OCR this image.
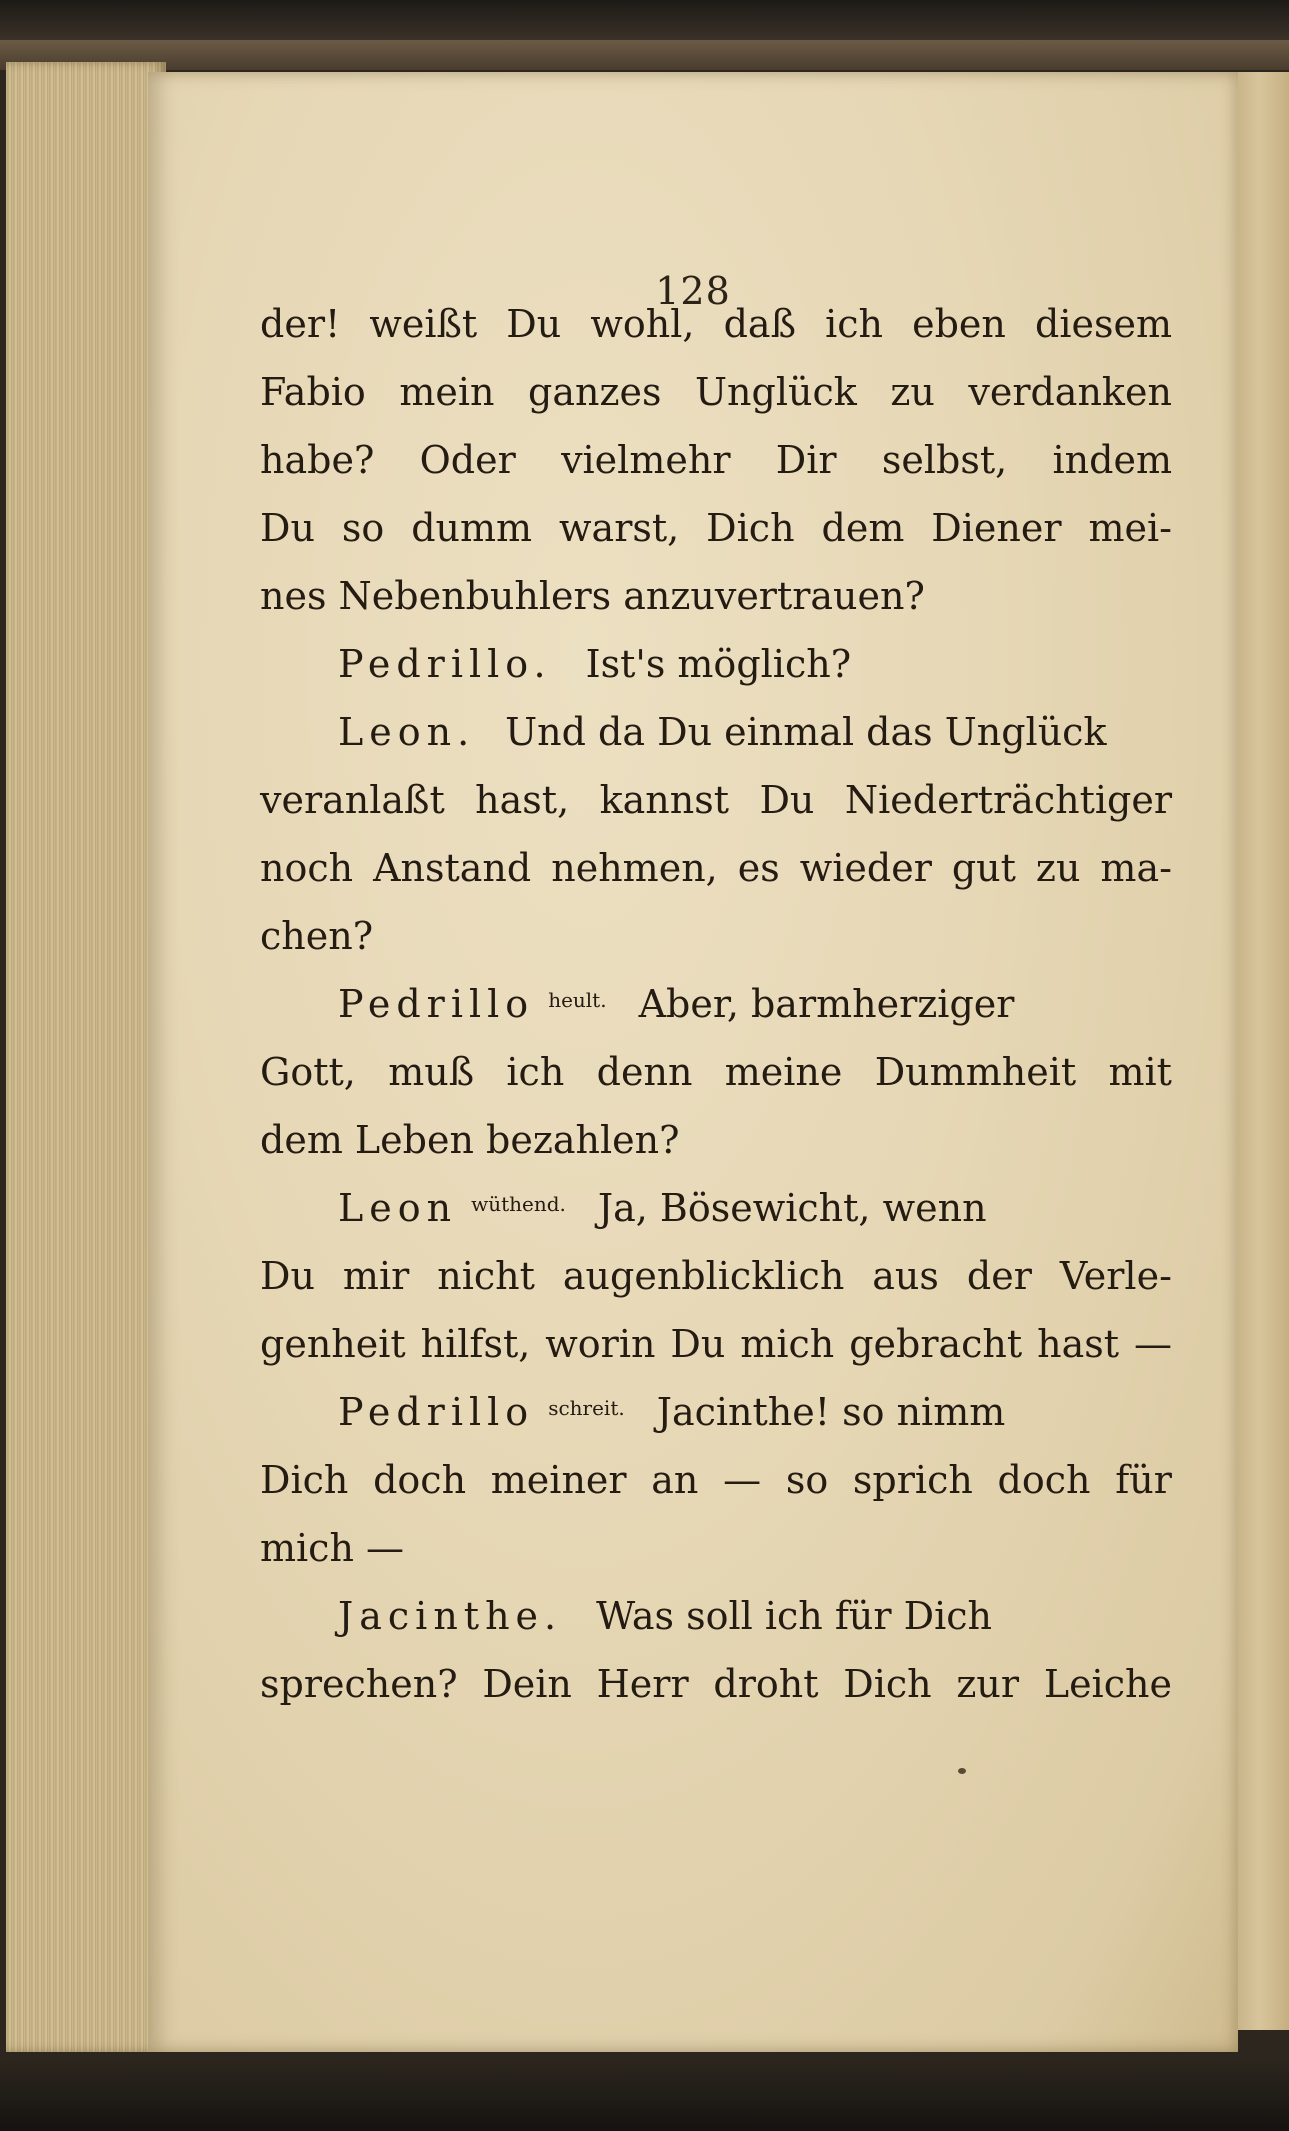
128
der! weißt Du wohl, daß ich eben diesem
Fabio mein ganzes Unglück zu verdanken
habe? Oder vielmehr Dir selbst, indem
Du so dumm warst, Dich dem Diener mei-
nes Nebenbuhlers anzuvertrauen?
Pedrillo. Ist's möglich?
Leon. Und da Du einmal das Unglück
veranlaßt hast, kannst Du Niederträchtiger
noch Anstand nehmen, es wieder gut zu ma-
chen?
Pedrillo heult. Aber, barmherziger
Gott, muß ich denn meine Dummheit mit
dem Leben bezahlen?
Leon wüthend. Ja, Bösewicht, wenn
Du mir nicht augenblicklich aus der Verle-
genheit hilfst, worin Du mich gebracht hast —
Pedrillo schreit. Jacinthe! so nimm
Dich doch meiner an — so sprich doch für
mich —
Jacinthe. Was soll ich für Dich
sprechen? Dein Herr droht Dich zur Leiche
